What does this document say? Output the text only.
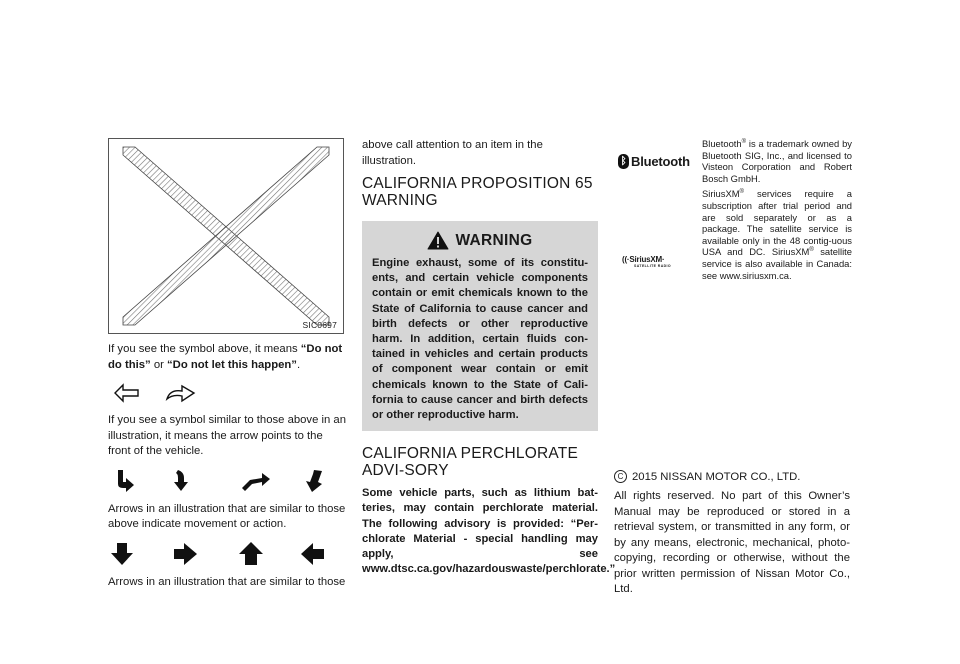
SIC0697

If you see the symbol above, it means “Do not do this” or “Do not let this happen”.

If you see a symbol similar to those above in an illustration, it means the arrow points to the front of the vehicle.

Arrows in an illustration that are similar to those above indicate movement or action.

Arrows in an illustration that are similar to those

above call attention to an item in the illustration.

CALIFORNIA PROPOSITION 65 WARNING
WARNING
Engine exhaust, some of its constitu-ents, and certain vehicle components contain or emit chemicals known to the State of California to cause cancer and birth defects or other reproductive harm. In addition, certain fluids con-tained in vehicles and certain products of component wear contain or emit chemicals known to the State of Cali-fornia to cause cancer and birth defects or other reproductive harm.
CALIFORNIA PERCHLORATE ADVI-SORY
Some vehicle parts, such as lithium bat-teries, may contain perchlorate material. The following advisory is provided: “Per-chlorate Material - special handling may apply, see www.dtsc.ca.gov/hazardouswaste/perchlorate.”
ᛒ Bluetooth
((·SiriusXM·
SATELLITE RADIO

Bluetooth® is a trademark owned by Bluetooth SIG, Inc., and licensed to Visteon Corporation and Robert Bosch GmbH.

SiriusXM® services require a subscription after trial period and are sold separately or as a package. The satellite service is available only in the 48 contig-uous USA and DC. SiriusXM® satellite service is also available in Canada: see www.siriusxm.ca.

C 2015 NISSAN MOTOR CO., LTD.

All rights reserved. No part of this Owner’s Manual may be reproduced or stored in a retrieval system, or transmitted in any form, or by any means, electronic, mechanical, photo-copying, recording or otherwise, without the prior written permission of Nissan Motor Co., Ltd.
